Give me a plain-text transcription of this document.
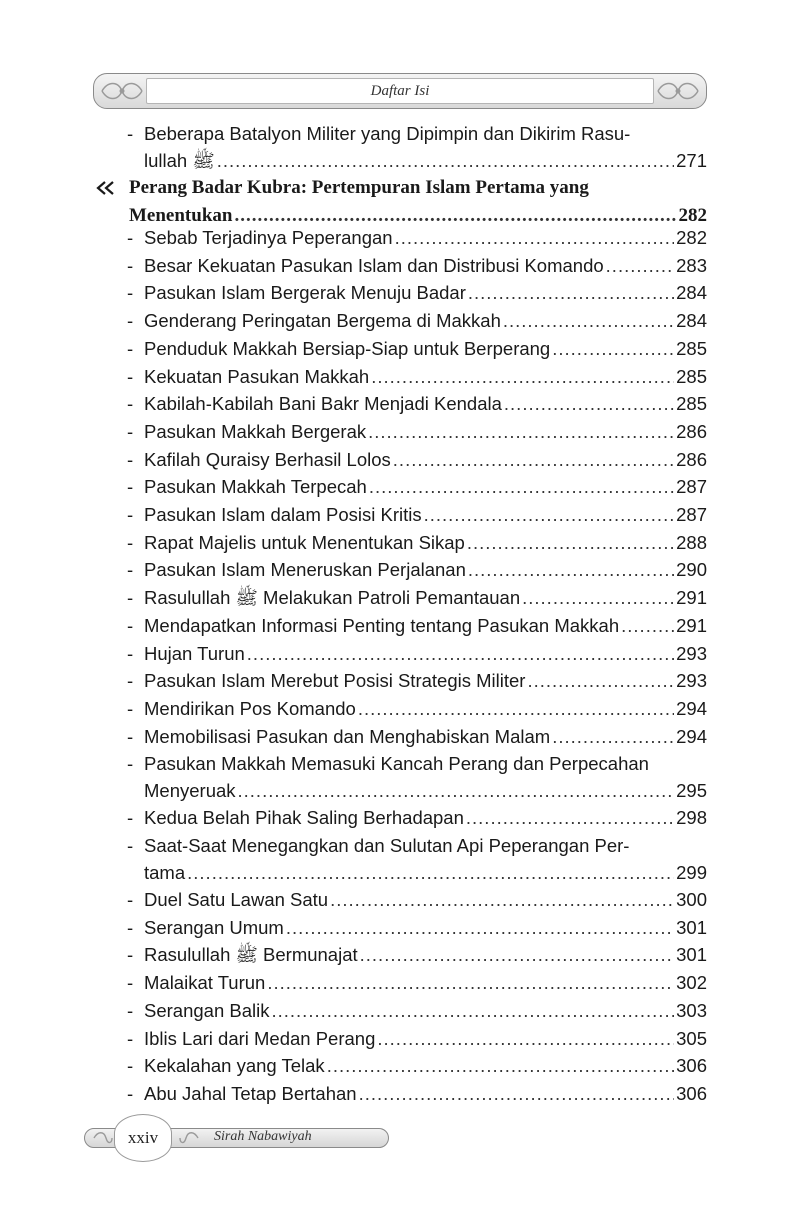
Daftar Isi
- Beberapa Batalyon Militer yang Dipimpin dan Dikirim Rasu-
lullah ﷺ .....	271
Perang Badar Kubra: Pertempuran Islam Pertama yang
Menentukan .....	282
- Sebab Terjadinya Peperangan .....	282
- Besar Kekuatan Pasukan Islam dan Distribusi Komando .....	283
- Pasukan Islam Bergerak Menuju Badar .....	284
- Genderang Peringatan Bergema di Makkah .....	284
- Penduduk Makkah Bersiap-Siap untuk Berperang .....	285
- Kekuatan Pasukan Makkah .....	285
- Kabilah-Kabilah Bani Bakr Menjadi Kendala .....	285
- Pasukan Makkah Bergerak .....	286
- Kafilah Quraisy Berhasil Lolos .....	286
- Pasukan Makkah Terpecah .....	287
- Pasukan Islam dalam Posisi Kritis .....	287
- Rapat Majelis untuk Menentukan Sikap .....	288
- Pasukan Islam Meneruskan Perjalanan .....	290
- Rasulullah ﷺ Melakukan Patroli Pemantauan .....	291
- Mendapatkan Informasi Penting tentang Pasukan Makkah .....	291
- Hujan Turun .....	293
- Pasukan Islam Merebut Posisi Strategis Militer .....	293
- Mendirikan Pos Komando .....	294
- Memobilisasi Pasukan dan Menghabiskan Malam .....	294
- Pasukan Makkah Memasuki Kancah Perang dan Perpecahan
Menyeruak .....	295
- Kedua Belah Pihak Saling Berhadapan .....	298
- Saat-Saat Menegangkan dan Sulutan Api Peperangan Per-
tama .....	299
- Duel Satu Lawan Satu .....	300
- Serangan Umum .....	301
- Rasulullah ﷺ Bermunajat .....	301
- Malaikat Turun .....	302
- Serangan Balik .....	303
- Iblis Lari dari Medan Perang .....	305
- Kekalahan yang Telak .....	306
- Abu Jahal Tetap Bertahan .....	306
xxiv	Sirah Nabawiyah
